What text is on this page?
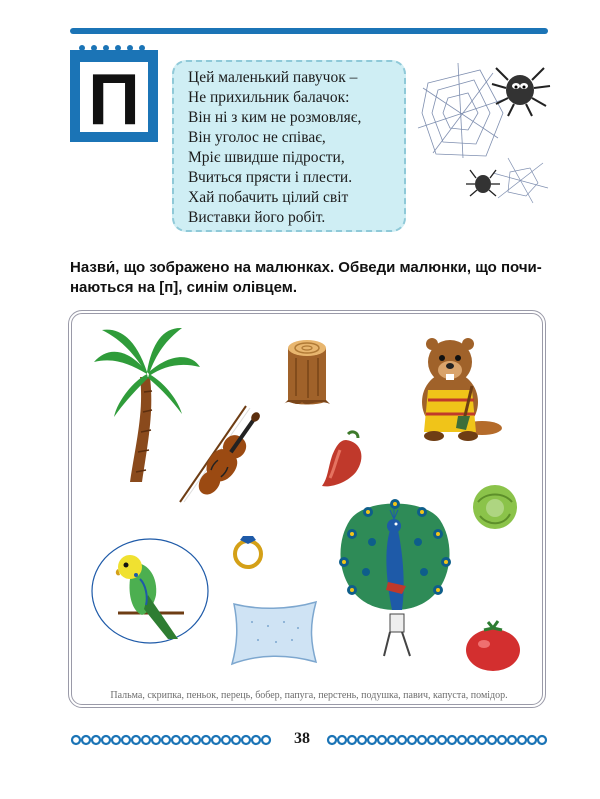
П	Цей маленький павучок –
Не прихильник балачок:
Він ні з ким не розмовляє,
Він уголос не співає,
Мріє швидше підрости,
Вчиться прясти і плести.
Хай побачить цілий світ
Виставки його робіт.
Назви́, що зображено на малюнках. Обведи малюнки, що почи-
наються на [п], синім олівцем.
Пальма, скрипка, пеньок, перець, бобер, папуга, перстень, подушка, павич, капуста, помідор.
38
